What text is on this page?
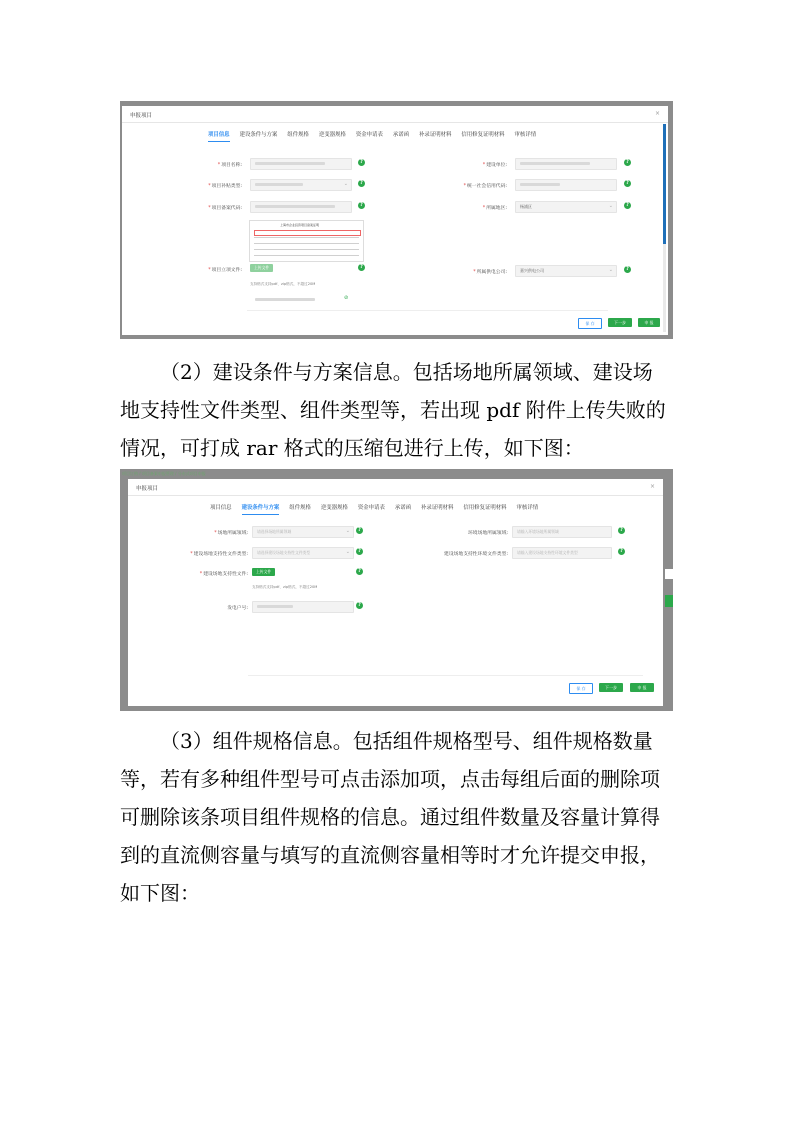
申报项目	×
项目信息 建设条件与方案 组件规格 逆变器规格 资金申请表 承诺函 补录证明材料 信用修复证明材料 审核详情
*项目名称:
?
*项目补贴类型:	⌄	?
*项目备案代码:
?
上海市企业投资项目备案证明
*项目立项文件:
上传文件	?
支持格式支持pdf、zip格式，不超过20M
⊘
*建设单位:
?
*统一社会信用代码:
?
*所属地区:	杨浦区	⌄	?
*所属供电公司:	嘉兴供电公司	⌄	?
保 存	下一步	申 报
（2）建设条件与方案信息。包括场地所属领域、建设场
地支持性文件类型、组件类型等，若出现 pdf 附件上传失败的
情况，可打成 rar 格式的压缩包进行上传，如下图：
项目订购 / 项目备案申报管理 / 分布式项目申报
申报项目	×
项目信息 建设条件与方案 组件规格 逆变器规格 资金申请表 承诺函 补录证明材料 信用修复证明材料 审核详情
*场地所属领域: 请选择场地所属领域	⌄	?
*建设场地支持性文件类型: 请选择建设场地支持性文件类型	⌄	?
*建设场地支持性文件:
上传文件	?
支持格式支持pdf、zip格式，不超过20M
发电户号:
?
环境场地所属领域: 请输入环境场地所属领域	?
建设场地支持性环境文件类型: 请输入建设场地支持性环境文件类型	?
保 存	下一步	申 报
（3）组件规格信息。包括组件规格型号、组件规格数量
等，若有多种组件型号可点击添加项，点击每组后面的删除项
可删除该条项目组件规格的信息。通过组件数量及容量计算得
到的直流侧容量与填写的直流侧容量相等时才允许提交申报，
如下图：
